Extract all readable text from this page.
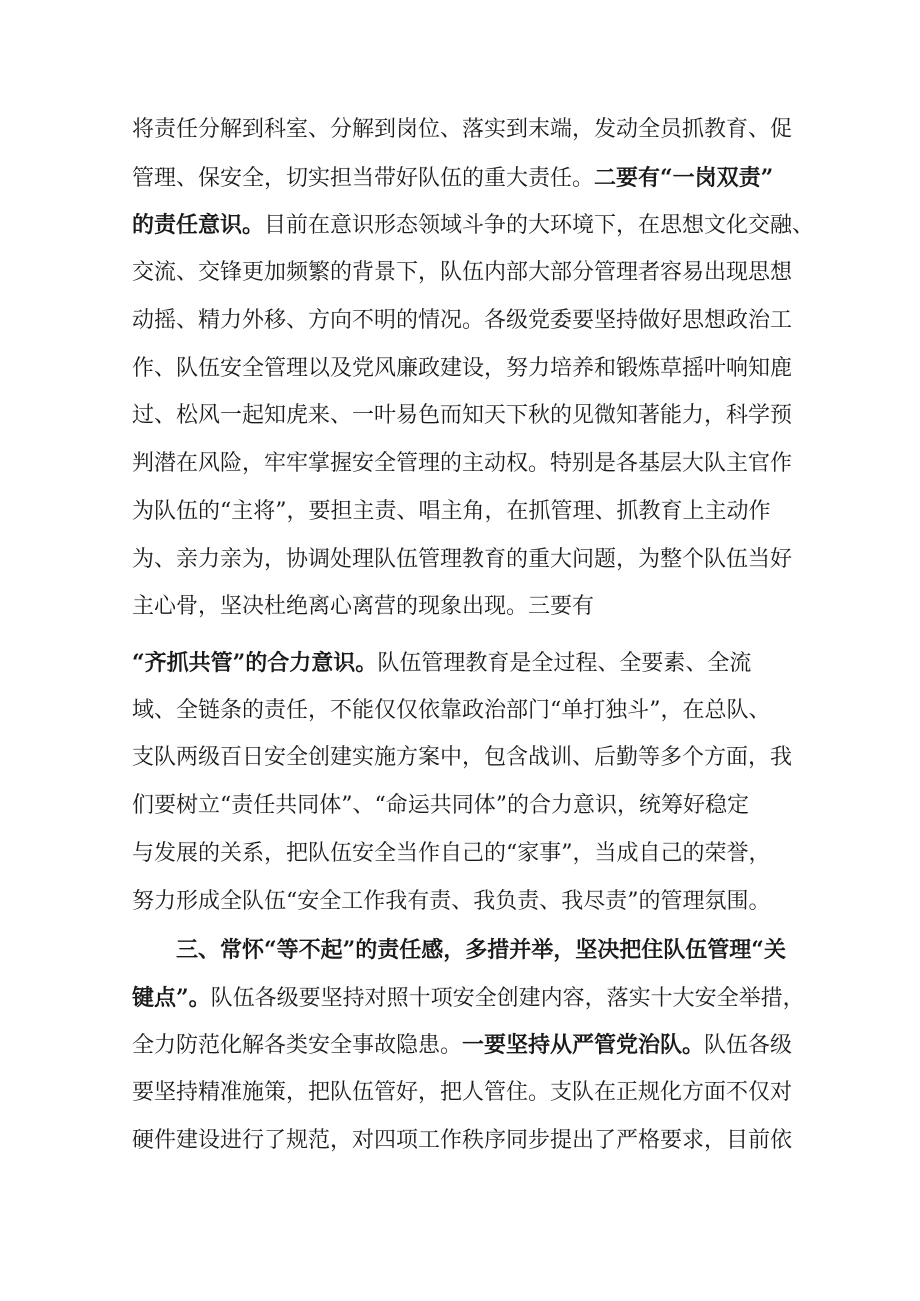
将责任分解到科室、分解到岗位、落实到末端，发动全员抓教育、促
管理、保安全，切实担当带好队伍的重大责任。二要有“一岗双责”
的责任意识。目前在意识形态领域斗争的大环境下，在思想文化交融、
交流、交锋更加频繁的背景下，队伍内部大部分管理者容易出现思想
动摇、精力外移、方向不明的情况。各级党委要坚持做好思想政治工
作、队伍安全管理以及党风廉政建设，努力培养和锻炼草摇叶响知鹿
过、松风一起知虎来、一叶易色而知天下秋的见微知著能力，科学预
判潜在风险，牢牢掌握安全管理的主动权。特别是各基层大队主官作
为队伍的“主将”，要担主责、唱主角，在抓管理、抓教育上主动作
为、亲力亲为，协调处理队伍管理教育的重大问题，为整个队伍当好
主心骨，坚决杜绝离心离营的现象出现。三要有
“齐抓共管”的合力意识。队伍管理教育是全过程、全要素、全流
域、全链条的责任，不能仅仅依靠政治部门“单打独斗”，在总队、
支队两级百日安全创建实施方案中，包含战训、后勤等多个方面，我
们要树立“责任共同体”、“命运共同体”的合力意识，统筹好稳定
与发展的关系，把队伍安全当作自己的“家事”，当成自己的荣誉，
努力形成全队伍“安全工作我有责、我负责、我尽责”的管理氛围。
三、常怀“等不起”的责任感，多措并举，坚决把住队伍管理“关
键点”。队伍各级要坚持对照十项安全创建内容，落实十大安全举措，
全力防范化解各类安全事故隐患。一要坚持从严管党治队。队伍各级
要坚持精准施策，把队伍管好，把人管住。支队在正规化方面不仅对
硬件建设进行了规范，对四项工作秩序同步提出了严格要求，目前依
